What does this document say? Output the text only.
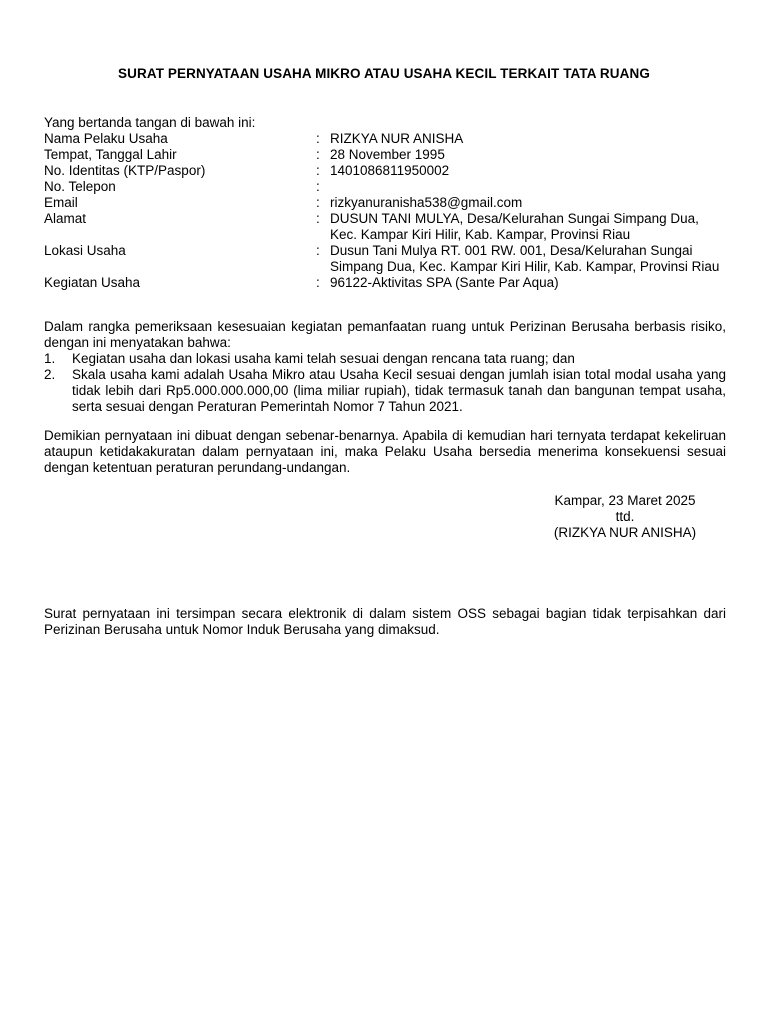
SURAT PERNYATAAN USAHA MIKRO ATAU USAHA KECIL TERKAIT TATA RUANG

Yang bertanda tangan di bawah ini:

Nama Pelaku Usaha	: RIZKYA NUR ANISHA
Tempat, Tanggal Lahir	: 28 November 1995
No. Identitas (KTP/Paspor)	: 1401086811950002
No. Telepon	:
Email	: rizkyanuranisha538@gmail.com
Alamat	: DUSUN TANI MULYA, Desa/Kelurahan Sungai Simpang Dua, Kec. Kampar Kiri Hilir, Kab. Kampar, Provinsi Riau
Lokasi Usaha	: Dusun Tani Mulya RT. 001 RW. 001, Desa/Kelurahan Sungai Simpang Dua, Kec. Kampar Kiri Hilir, Kab. Kampar, Provinsi Riau
Kegiatan Usaha	: 96122-Aktivitas SPA (Sante Par Aqua)

Dalam rangka pemeriksaan kesesuaian kegiatan pemanfaatan ruang untuk Perizinan Berusaha berbasis risiko, dengan ini menyatakan bahwa:

1.	Kegiatan usaha dan lokasi usaha kami telah sesuai dengan rencana tata ruang; dan
2.	Skala usaha kami adalah Usaha Mikro atau Usaha Kecil sesuai dengan jumlah isian total modal usaha yang tidak lebih dari Rp5.000.000.000,00 (lima miliar rupiah), tidak termasuk tanah dan bangunan tempat usaha, serta sesuai dengan Peraturan Pemerintah Nomor 7 Tahun 2021.

Demikian pernyataan ini dibuat dengan sebenar-benarnya. Apabila di kemudian hari ternyata terdapat kekeliruan ataupun ketidakakuratan dalam pernyataan ini, maka Pelaku Usaha bersedia menerima konsekuensi sesuai dengan ketentuan peraturan perundang-undangan.

Kampar, 23 Maret 2025
ttd.
(RIZKYA NUR ANISHA)

Surat pernyataan ini tersimpan secara elektronik di dalam sistem OSS sebagai bagian tidak terpisahkan dari Perizinan Berusaha untuk Nomor Induk Berusaha yang dimaksud.
